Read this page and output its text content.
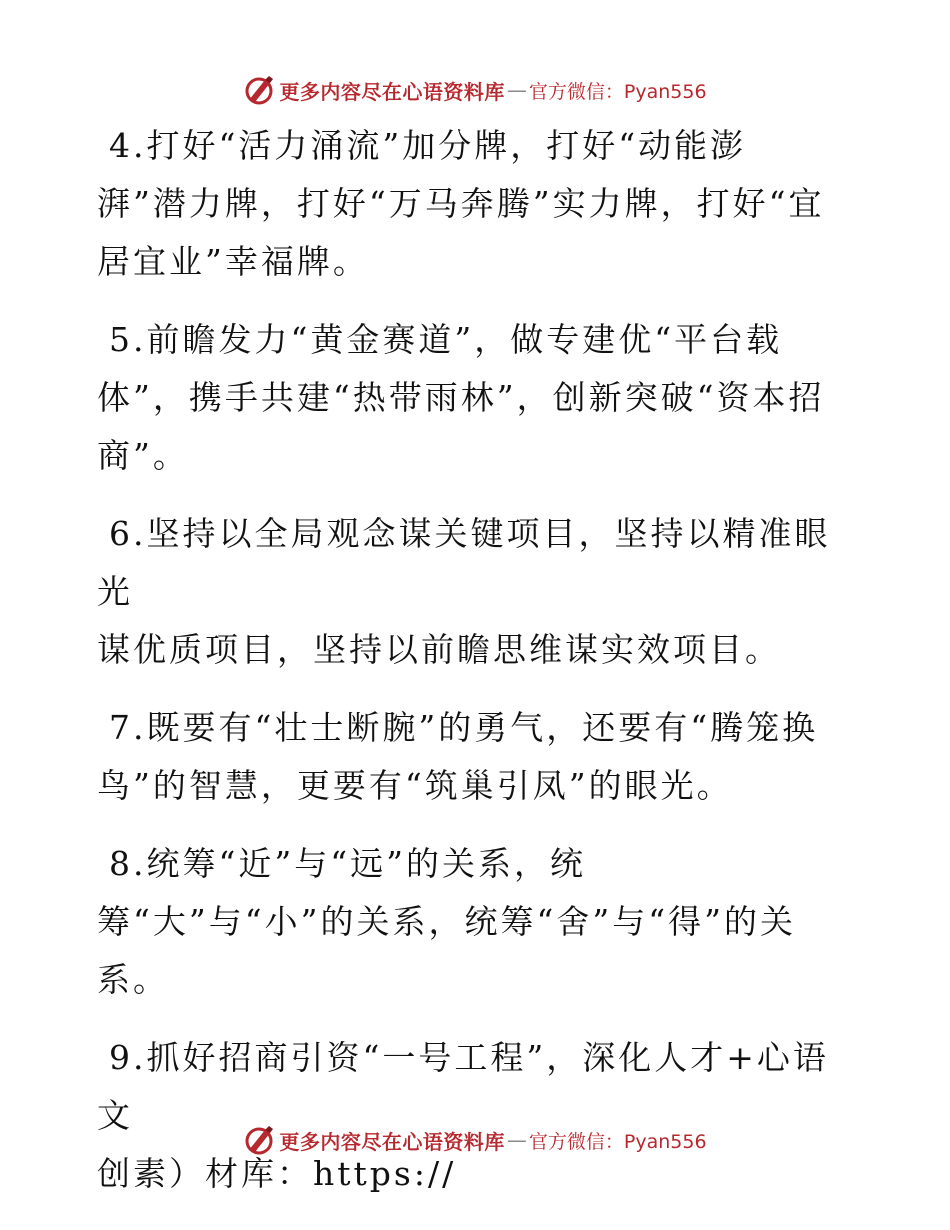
更多内容尽在心语资料库 — 官方微信：Pyan556

4.打好“活力涌流”加分牌，打好“动能澎
湃”潜力牌，打好“万马奔腾”实力牌，打好“宜居宜业”幸福牌。

5.前瞻发力“黄金赛道”，做专建优“平台载
体”，携手共建“热带雨林”，创新突破“资本招商”。

6.坚持以全局观念谋关键项目，坚持以精准眼光
谋优质项目，坚持以前瞻思维谋实效项目。

7.既要有“壮士断腕”的勇气，还要有“腾笼换
鸟”的智慧，更要有“筑巢引凤”的眼光。

8.统筹“近”与“远”的关系，统
筹“大”与“小”的关系，统筹“舍”与“得”的关系。

9.抓好招商引资“一号工程”，深化人才+心语文
创素）材库：https://

更多内容尽在心语资料库 — 官方微信：Pyan556
